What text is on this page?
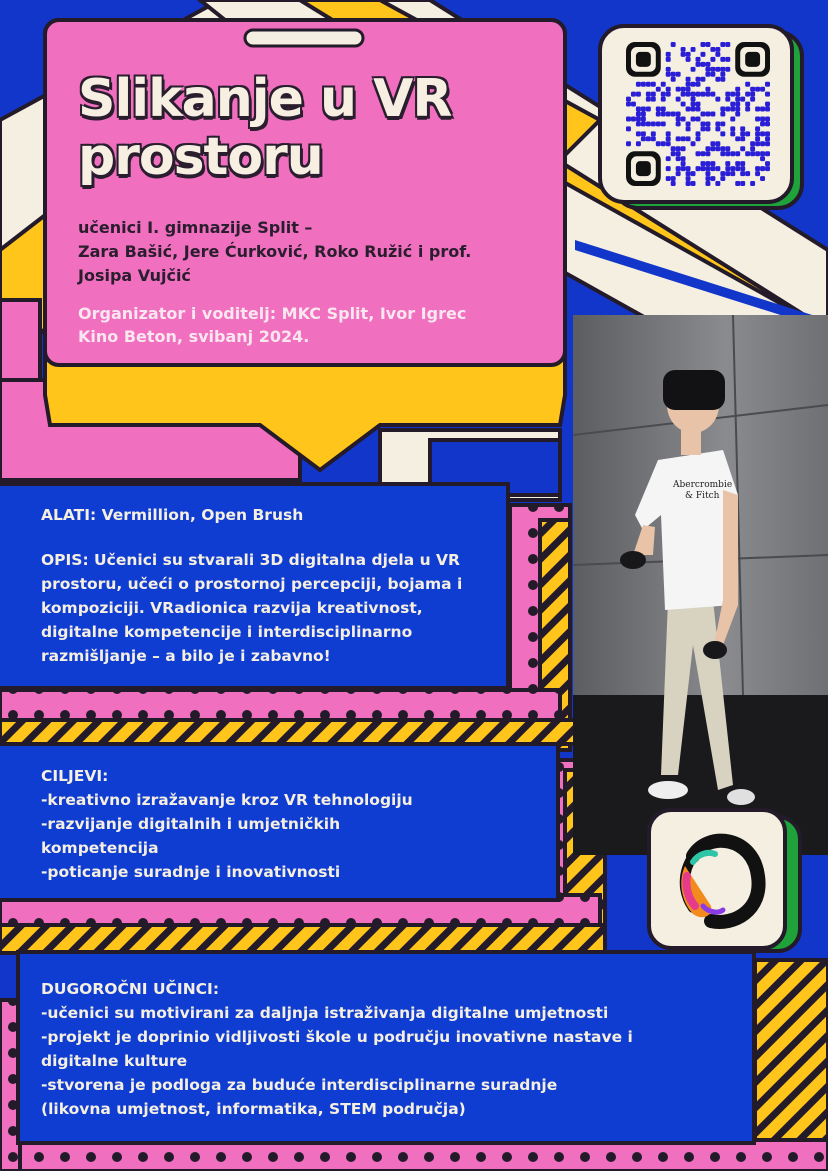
Slikanje u VR
prostoru
učenici I. gimnazije Split –
Zara Bašić, Jere Ćurković, Roko Ružić i prof.
Josipa Vujčić
Organizator i voditelj: MKC Split, Ivor Igrec
Kino Beton, svibanj 2024.
Abercrombie & Fitch
ALATI: Vermillion, Open Brush
OPIS: Učenici su stvarali 3D digitalna djela u VR
prostoru, učeći o prostornoj percepciji, bojama i
kompoziciji. VRadionica razvija kreativnost,
digitalne kompetencije i interdisciplinarno
razmišljanje – a bilo je i zabavno!
CILJEVI:
-kreativno izražavanje kroz VR tehnologiju
-razvijanje digitalnih i umjetničkih
kompetencija
-poticanje suradnje i inovativnosti
DUGOROČNI UČINCI:
-učenici su motivirani za daljnja istraživanja digitalne umjetnosti
-projekt je doprinio vidljivosti škole u području inovativne nastave i
digitalne kulture
-stvorena je podloga za buduće interdisciplinarne suradnje
(likovna umjetnost, informatika, STEM područja)
